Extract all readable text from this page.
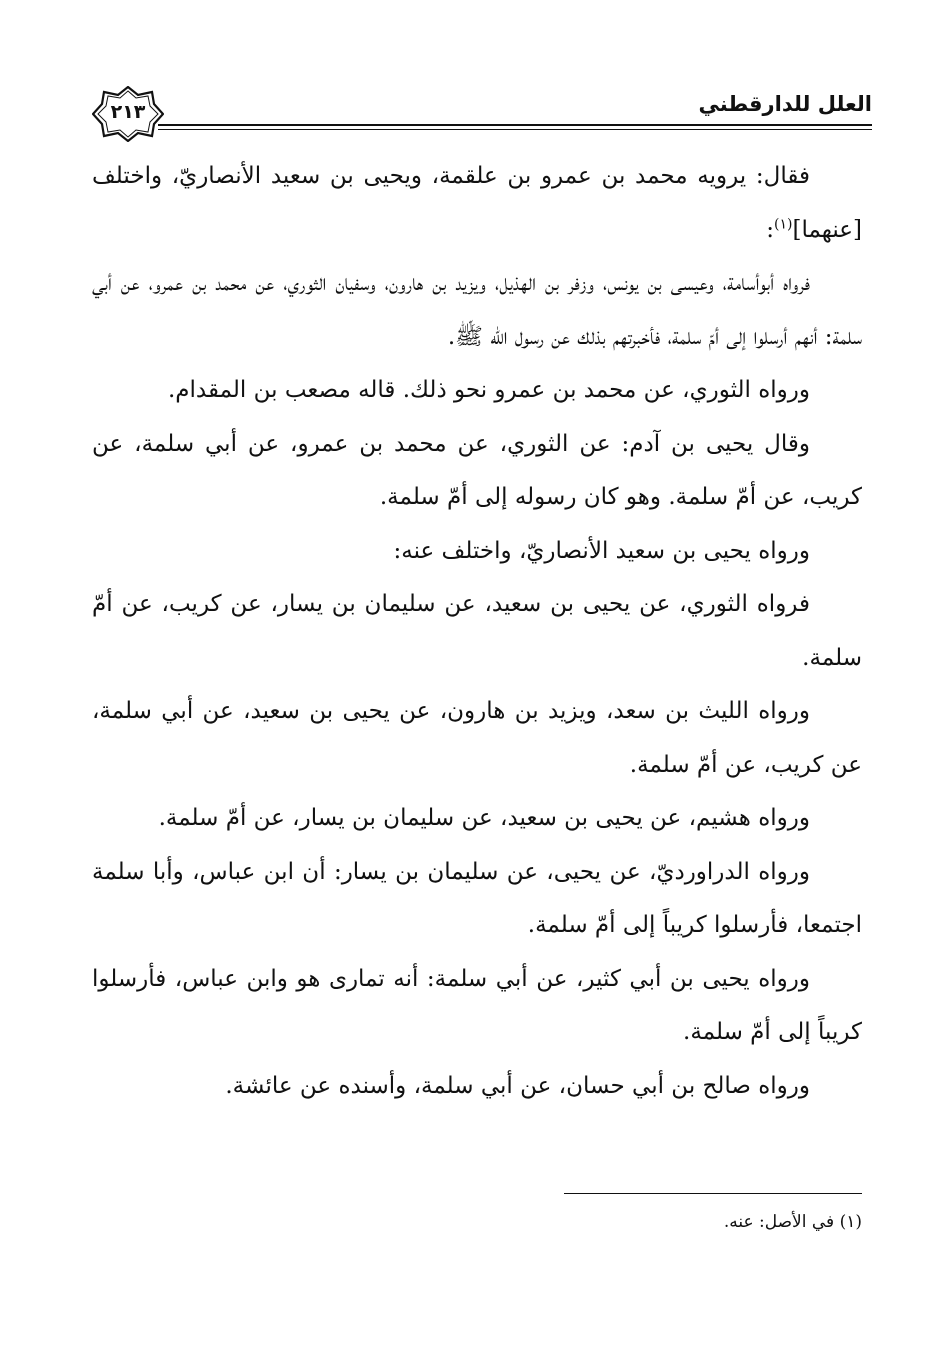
العلل للدارقطني
٢١٣

فقال: يرويه محمد بن عمرو بن علقمة، ويحيى بن سعيد الأنصاريّ، واختلف [عنهما]$^{(١)}$:

فرواه أبوأسامة، وعيسى بن يونس، وزفر بن الهذيل، ويزيد بن هارون، وسفيان الثوري، عن محمد بن عمرو، عن أبي سلمة: أنهم أرسلوا إلى أمّ سلمة، فأخبرتهم بذلك عن رسول الله ﷺ.

ورواه الثوري، عن محمد بن عمرو نحو ذلك. قاله مصعب بن المقدام.

وقال يحيى بن آدم: عن الثوري، عن محمد بن عمرو، عن أبي سلمة، عن كريب، عن أمّ سلمة. وهو كان رسوله إلى أمّ سلمة.

ورواه يحيى بن سعيد الأنصاريّ، واختلف عنه:

فرواه الثوري، عن يحيى بن سعيد، عن سليمان بن يسار، عن كريب، عن أمّ سلمة.

ورواه الليث بن سعد، ويزيد بن هارون، عن يحيى بن سعيد، عن أبي سلمة، عن كريب، عن أمّ سلمة.

ورواه هشيم، عن يحيى بن سعيد، عن سليمان بن يسار، عن أمّ سلمة.

ورواه الدراورديّ، عن يحيى، عن سليمان بن يسار: أن ابن عباس، وأبا سلمة اجتمعا، فأرسلوا كريباً إلى أمّ سلمة.

ورواه يحيى بن أبي كثير، عن أبي سلمة: أنه تمارى هو وابن عباس، فأرسلوا كريباً إلى أمّ سلمة.

ورواه صالح بن أبي حسان، عن أبي سلمة، وأسنده عن عائشة.

(١) في الأصل: عنه.
